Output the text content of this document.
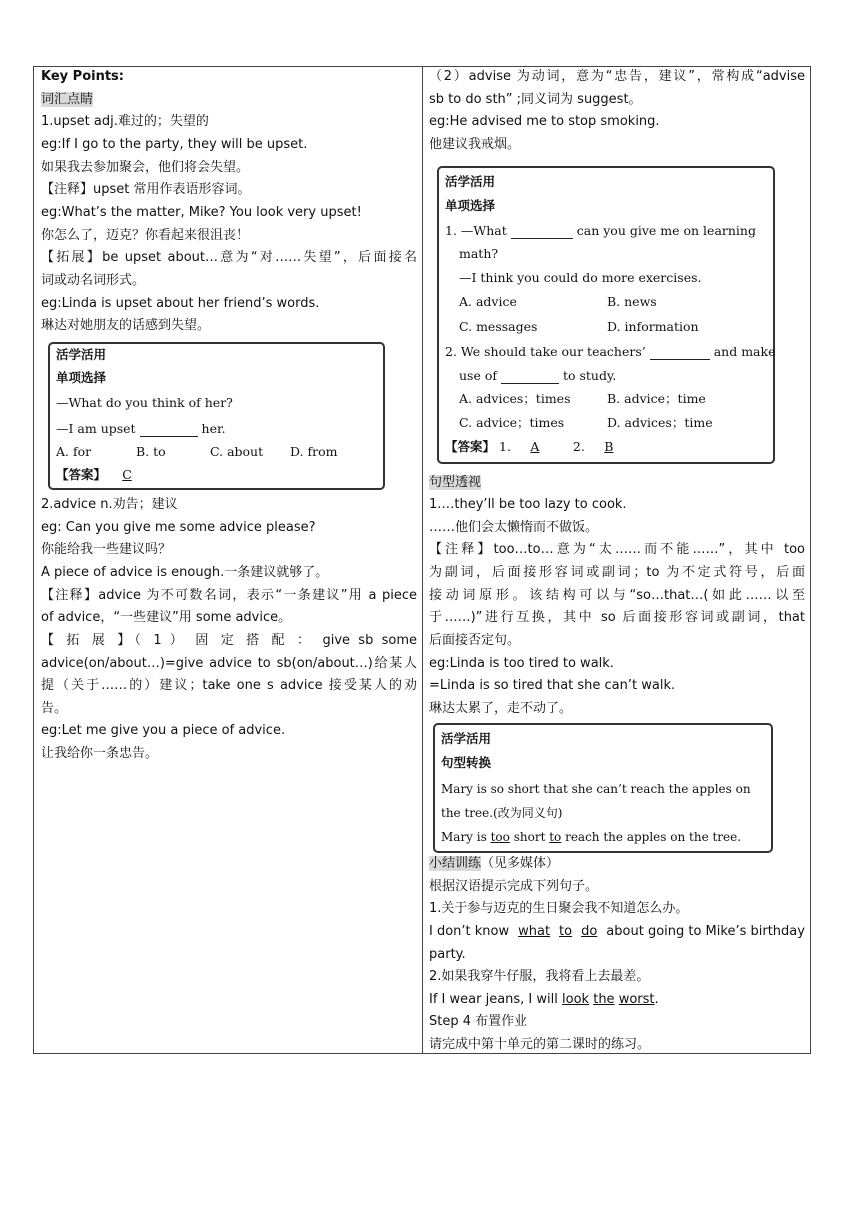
Key Points:
词汇点睛
1.upset adj.难过的；失望的
eg:If I go to the party, they will be upset.
如果我去参加聚会，他们将会失望。
【注释】upset 常用作表语形容词。
eg:What’s the matter, Mike? You look very upset!
你怎么了，迈克？你看起来很沮丧！
【拓展】be upset about…意为“对……失望”，后面接名
词或动名词形式。
eg:Linda is upset about her friend’s words.
琳达对她朋友的话感到失望。
活学活用
单项选择
—What do you think of her?
—I am upset	her.
A. for	B. to	C. about D. from
【答案】 C
2.advice n.劝告；建议
eg: Can you give me some advice please?
你能给我一些建议吗？
A piece of advice is enough.一条建议就够了。
【注释】advice 为不可数名词，表示“一条建议”用 a piece
of advice，“一些建议”用 some advice。
【 拓 展 】（ 1 ） 固 定 搭 配 ： give sb some
advice(on/about…)=give advice to sb(on/about…)给某人
提（关于……的）建议；take one s advice 接受某人的劝
告。
eg:Let me give you a piece of advice.
让我给你一条忠告。
（2）advise 为动词，意为“忠告，建议”，常构成“advise
sb to do sth” ;同义词为 suggest。
eg:He advised me to stop smoking.
他建议我戒烟。
活学活用
单项选择
1. —What	can you give me on learning
math?
—I think you could do more exercises.
A. advice	B. news
C. messages	D. information
2. We should take our teachers’	and make
use of	to study.
A. advices；times	B. advice；time
C. advice；times	D. advices；time
【答案】 1. A	2. B
句型透视
1.…they’ll be too lazy to cook.
……他们会太懒惰而不做饭。
【注释】too…to…意为“太……而不能……”，其中 too
为副词，后面接形容词或副词；to 为不定式符号，后面
接动词原形。该结构可以与“so…that…(如此……以至
于……)”进行互换，其中 so 后面接形容词或副词，that
后面接否定句。
eg:Linda is too tired to walk.
=Linda is so tired that she can’t walk.
琳达太累了，走不动了。
活学活用
句型转换
Mary is so short that she can’t reach the apples on
the tree.(改为同义句)
Mary is too short to reach the apples on the tree.
小结训练（见多媒体）
根据汉语提示完成下列句子。
1.关于参与迈克的生日聚会我不知道怎么办。
I don’t know what to do about going to Mike’s birthday
party.
2.如果我穿牛仔服，我将看上去最差。
If I wear jeans, I will look the worst.
Step 4 布置作业
请完成中第十单元的第二课时的练习。
